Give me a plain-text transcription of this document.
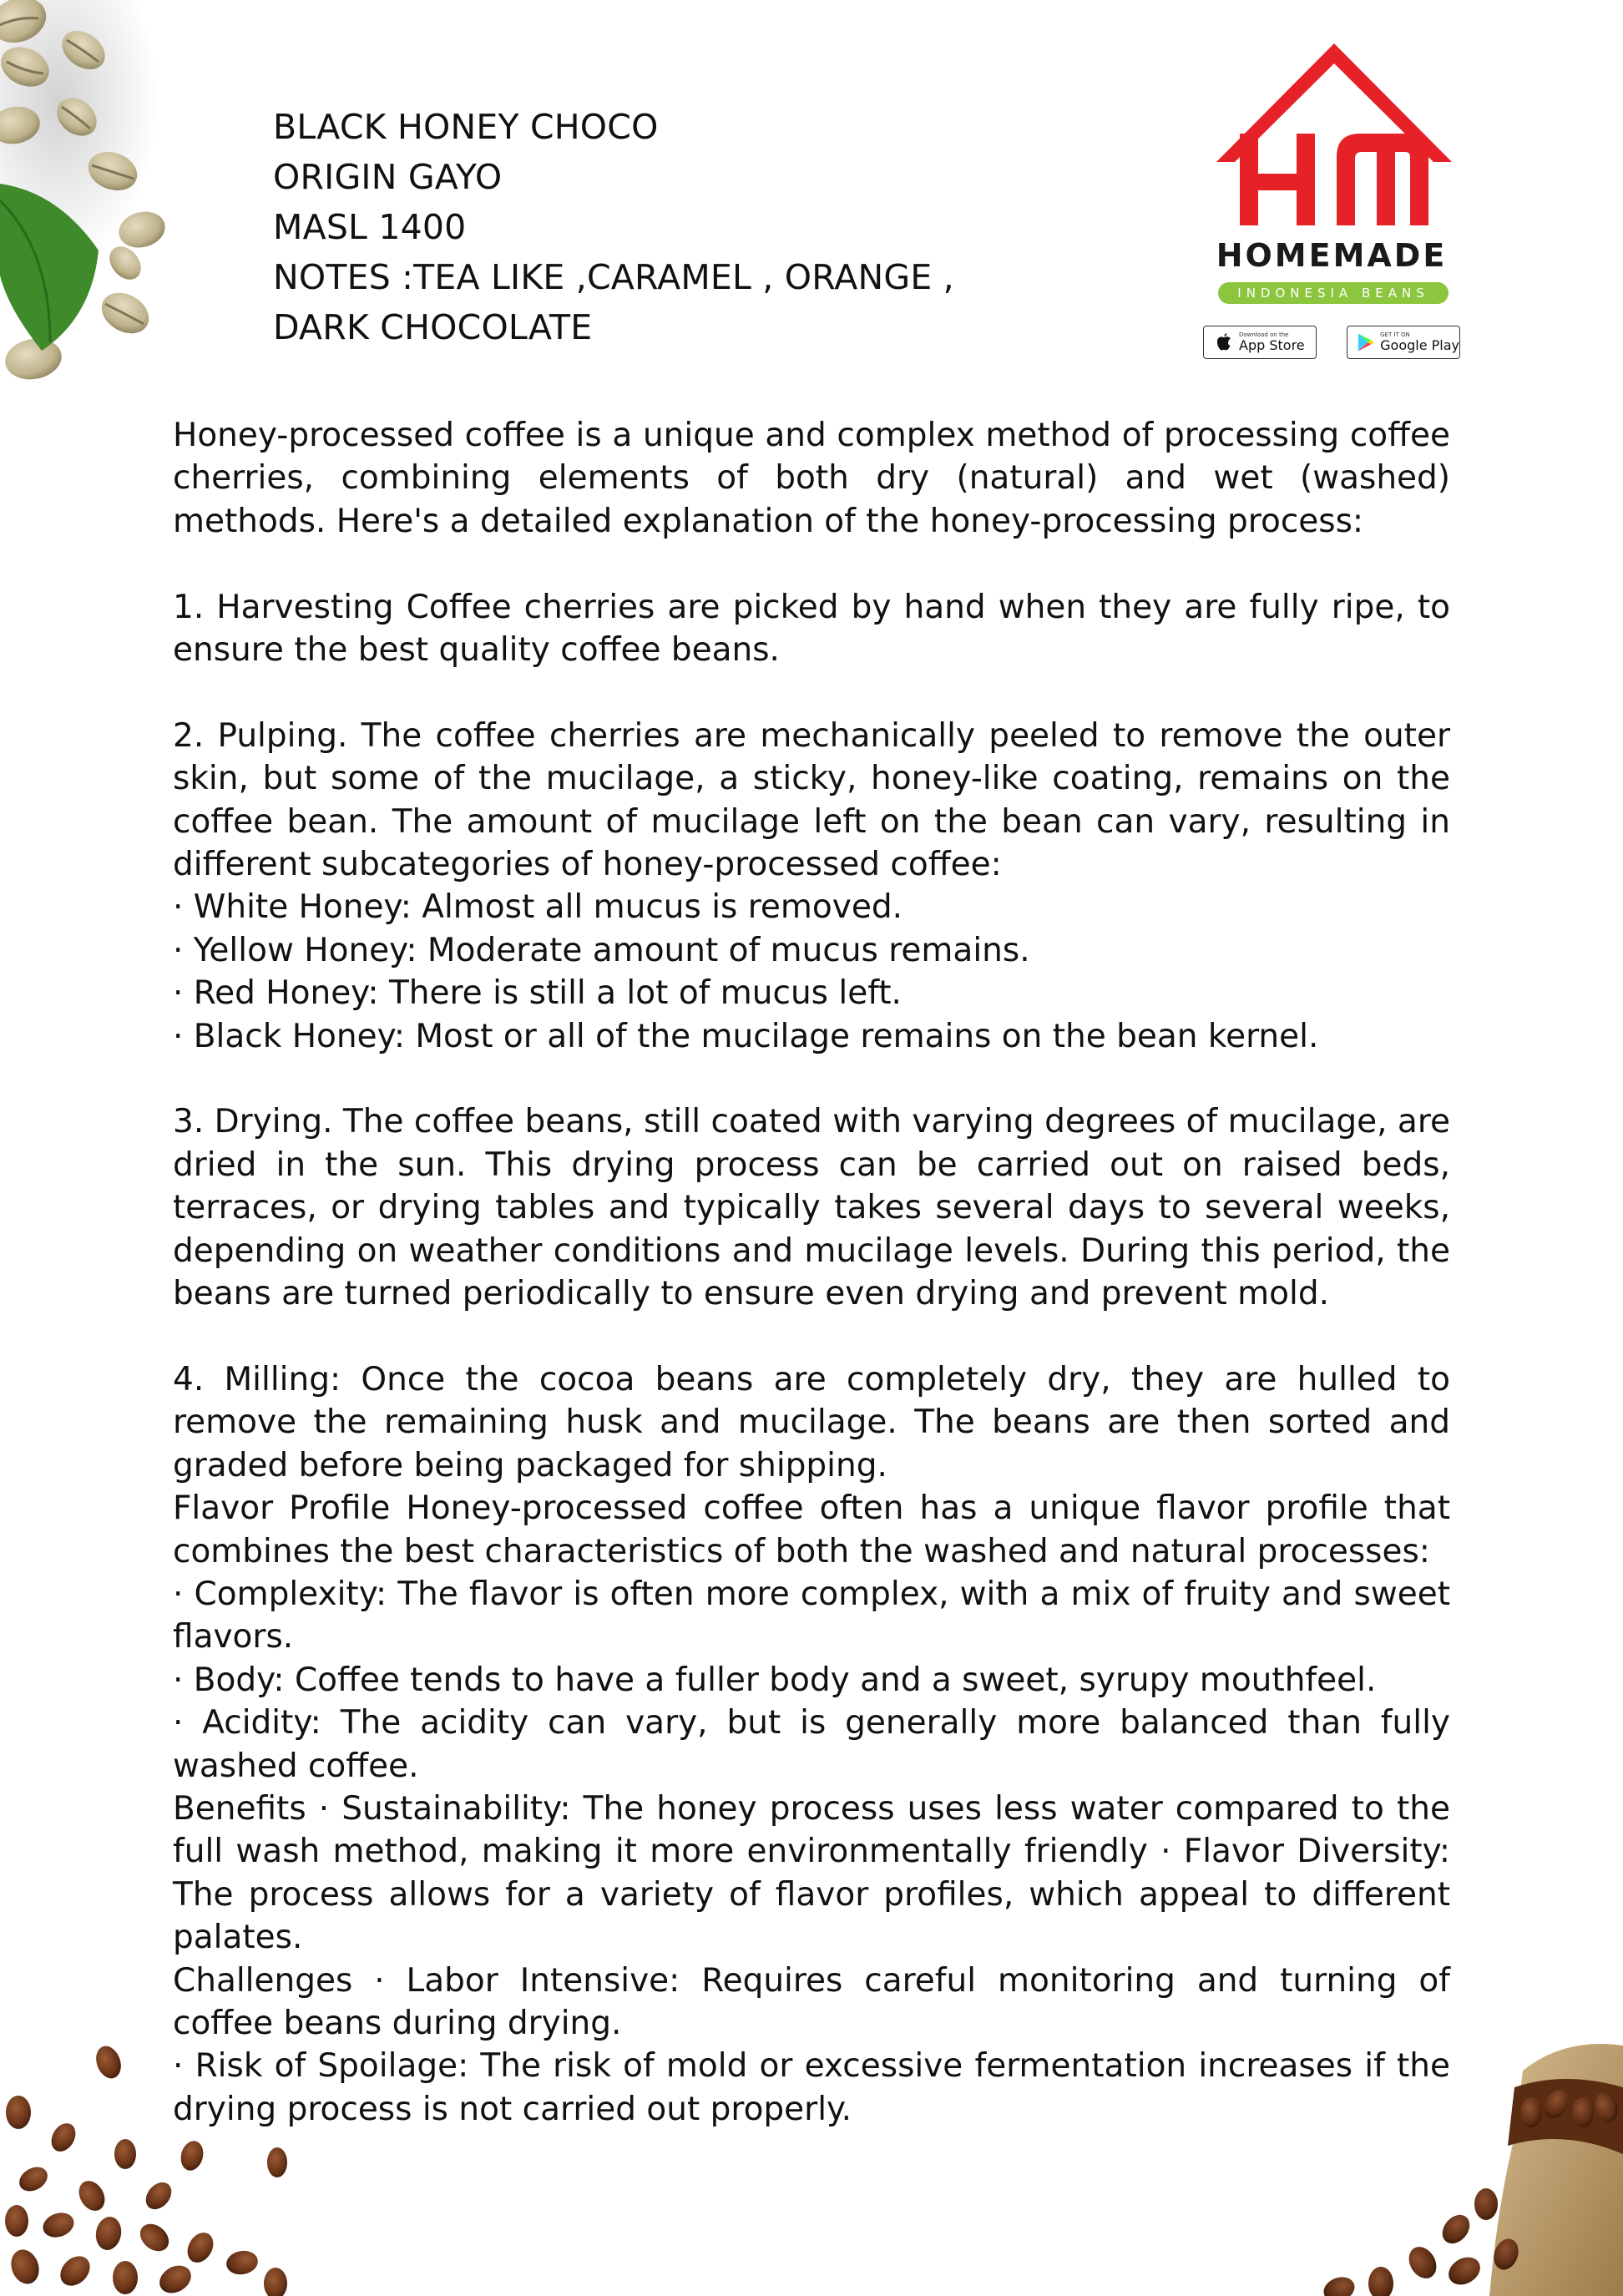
BLACK HONEY CHOCO
ORIGIN GAYO
MASL 1400
NOTES :TEA LIKE ,CARAMEL , ORANGE ,
DARK CHOCOLATE
HOMEMADE
INDONESIA BEANS
Download on the
App Store
GET IT ON
Google Play

Honey-processed coffee is a unique and complex method of processing coffee cherries, combining elements of both dry (natural) and wet (washed) methods. Here's a detailed explanation of the honey-processing process:

1. Harvesting Coffee cherries are picked by hand when they are fully ripe, to ensure the best quality coffee beans.

2. Pulping. The coffee cherries are mechanically peeled to remove the outer skin, but some of the mucilage, a sticky, honey-like coating, remains on the coffee bean. The amount of mucilage left on the bean can vary, resulting in different subcategories of honey-processed coffee:

· White Honey: Almost all mucus is removed.

· Yellow Honey: Moderate amount of mucus remains.

· Red Honey: There is still a lot of mucus left.

· Black Honey: Most or all of the mucilage remains on the bean kernel.

3. Drying. The coffee beans, still coated with varying degrees of mucilage, are dried in the sun. This drying process can be carried out on raised beds, terraces, or drying tables and typically takes several days to several weeks, depending on weather conditions and mucilage levels. During this period, the beans are turned periodically to ensure even drying and prevent mold.

4. Milling: Once the cocoa beans are completely dry, they are hulled to remove the remaining husk and mucilage. The beans are then sorted and graded before being packaged for shipping.

Flavor Profile Honey-processed coffee often has a unique flavor profile that combines the best characteristics of both the washed and natural processes:

· Complexity: The flavor is often more complex, with a mix of fruity and sweet flavors.

· Body: Coffee tends to have a fuller body and a sweet, syrupy mouthfeel.

· Acidity: The acidity can vary, but is generally more balanced than fully washed coffee.

Benefits · Sustainability: The honey process uses less water compared to the full wash method, making it more environmentally friendly · Flavor Diversity: The process allows for a variety of flavor profiles, which appeal to different palates.

Challenges · Labor Intensive: Requires careful monitoring and turning of coffee beans during drying.

· Risk of Spoilage: The risk of mold or excessive fermentation increases if the drying process is not carried out properly.
